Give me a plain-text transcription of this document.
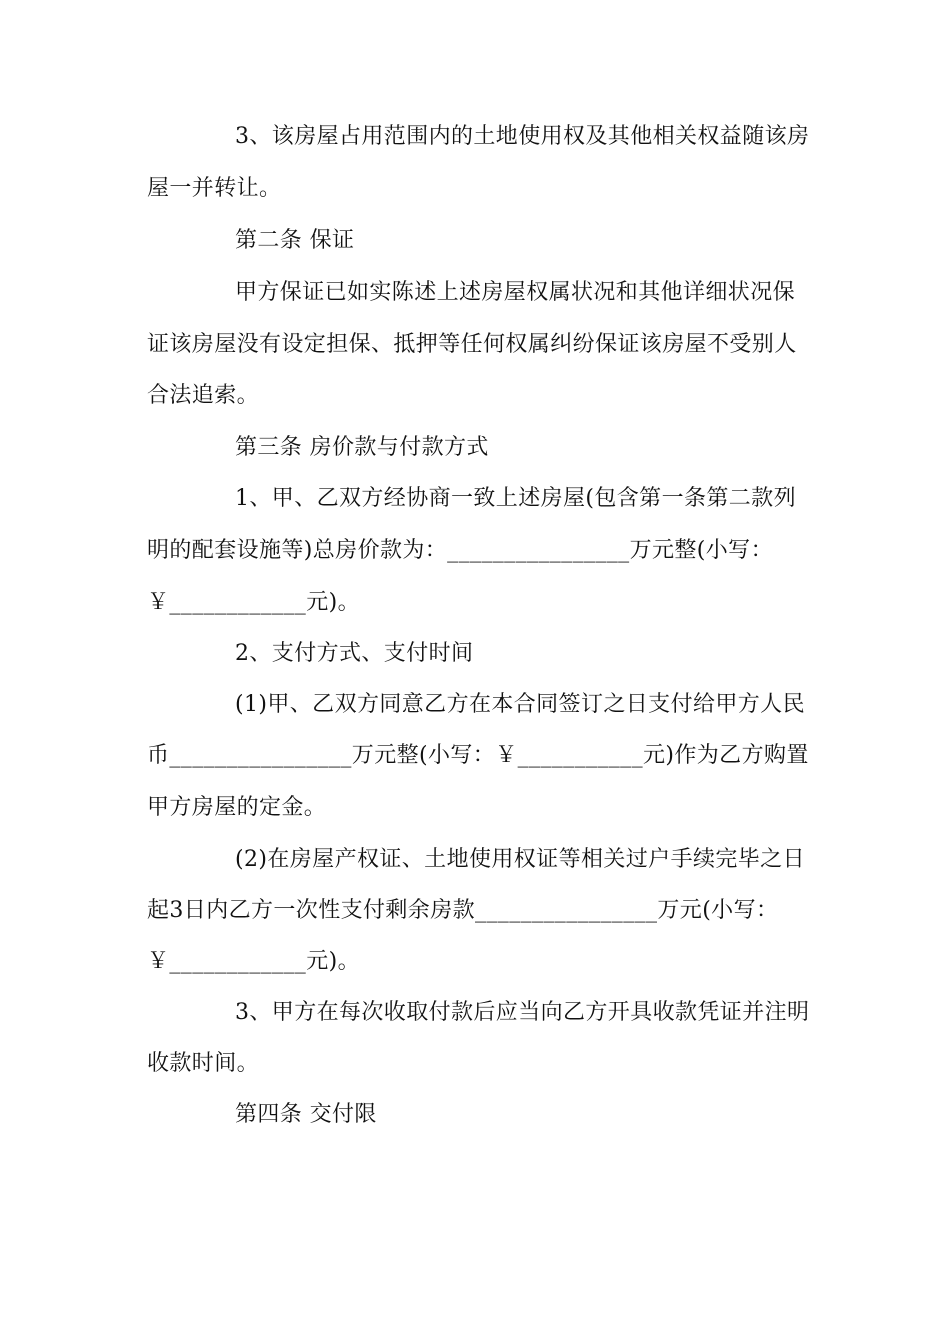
3、该房屋占用范围内的土地使用权及其他相关权益随该房
屋一并转让。
第二条 保证
甲方保证已如实陈述上述房屋权属状况和其他详细状况保
证该房屋没有设定担保、抵押等任何权属纠纷保证该房屋不受别人
合法追索。
第三条 房价款与付款方式
1、甲、乙双方经协商一致上述房屋(包含第一条第二款列
明的配套设施等)总房价款为：________________万元整(小写：
￥____________元)。
2、支付方式、支付时间
(1)甲、乙双方同意乙方在本合同签订之日支付给甲方人民
币________________万元整(小写：￥___________元)作为乙方购置
甲方房屋的定金。
(2)在房屋产权证、土地使用权证等相关过户手续完毕之日
起3日内乙方一次性支付剩余房款________________万元(小写：
￥____________元)。
3、甲方在每次收取付款后应当向乙方开具收款凭证并注明
收款时间。
第四条 交付限
